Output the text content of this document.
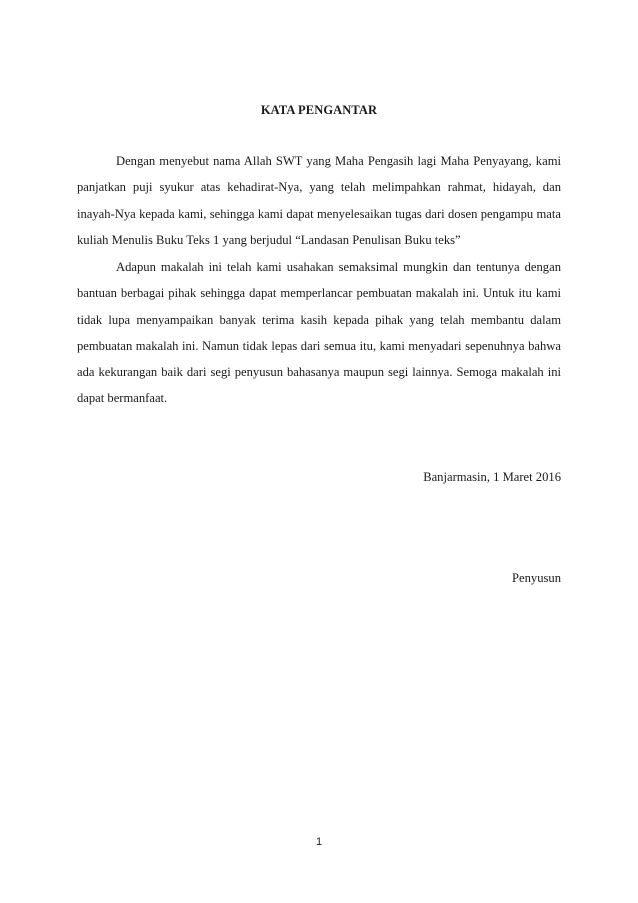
KATA PENGANTAR

Dengan menyebut nama Allah SWT yang Maha Pengasih lagi Maha Penyayang, kami panjatkan puji syukur atas kehadirat-Nya, yang telah melimpahkan rahmat, hidayah, dan inayah-Nya kepada kami, sehingga kami dapat menyelesaikan tugas dari dosen pengampu mata kuliah Menulis Buku Teks 1 yang berjudul “Landasan Penulisan Buku teks”

Adapun makalah ini telah kami usahakan semaksimal mungkin dan tentunya dengan bantuan berbagai pihak sehingga dapat memperlancar pembuatan makalah ini. Untuk itu kami tidak lupa menyampaikan banyak terima kasih kepada pihak yang telah membantu dalam pembuatan makalah ini. Namun tidak lepas dari semua itu, kami menyadari sepenuhnya bahwa ada kekurangan baik dari segi penyusun bahasanya maupun segi lainnya. Semoga makalah ini dapat bermanfaat.

Banjarmasin, 1 Maret 2016
Penyusun
1
